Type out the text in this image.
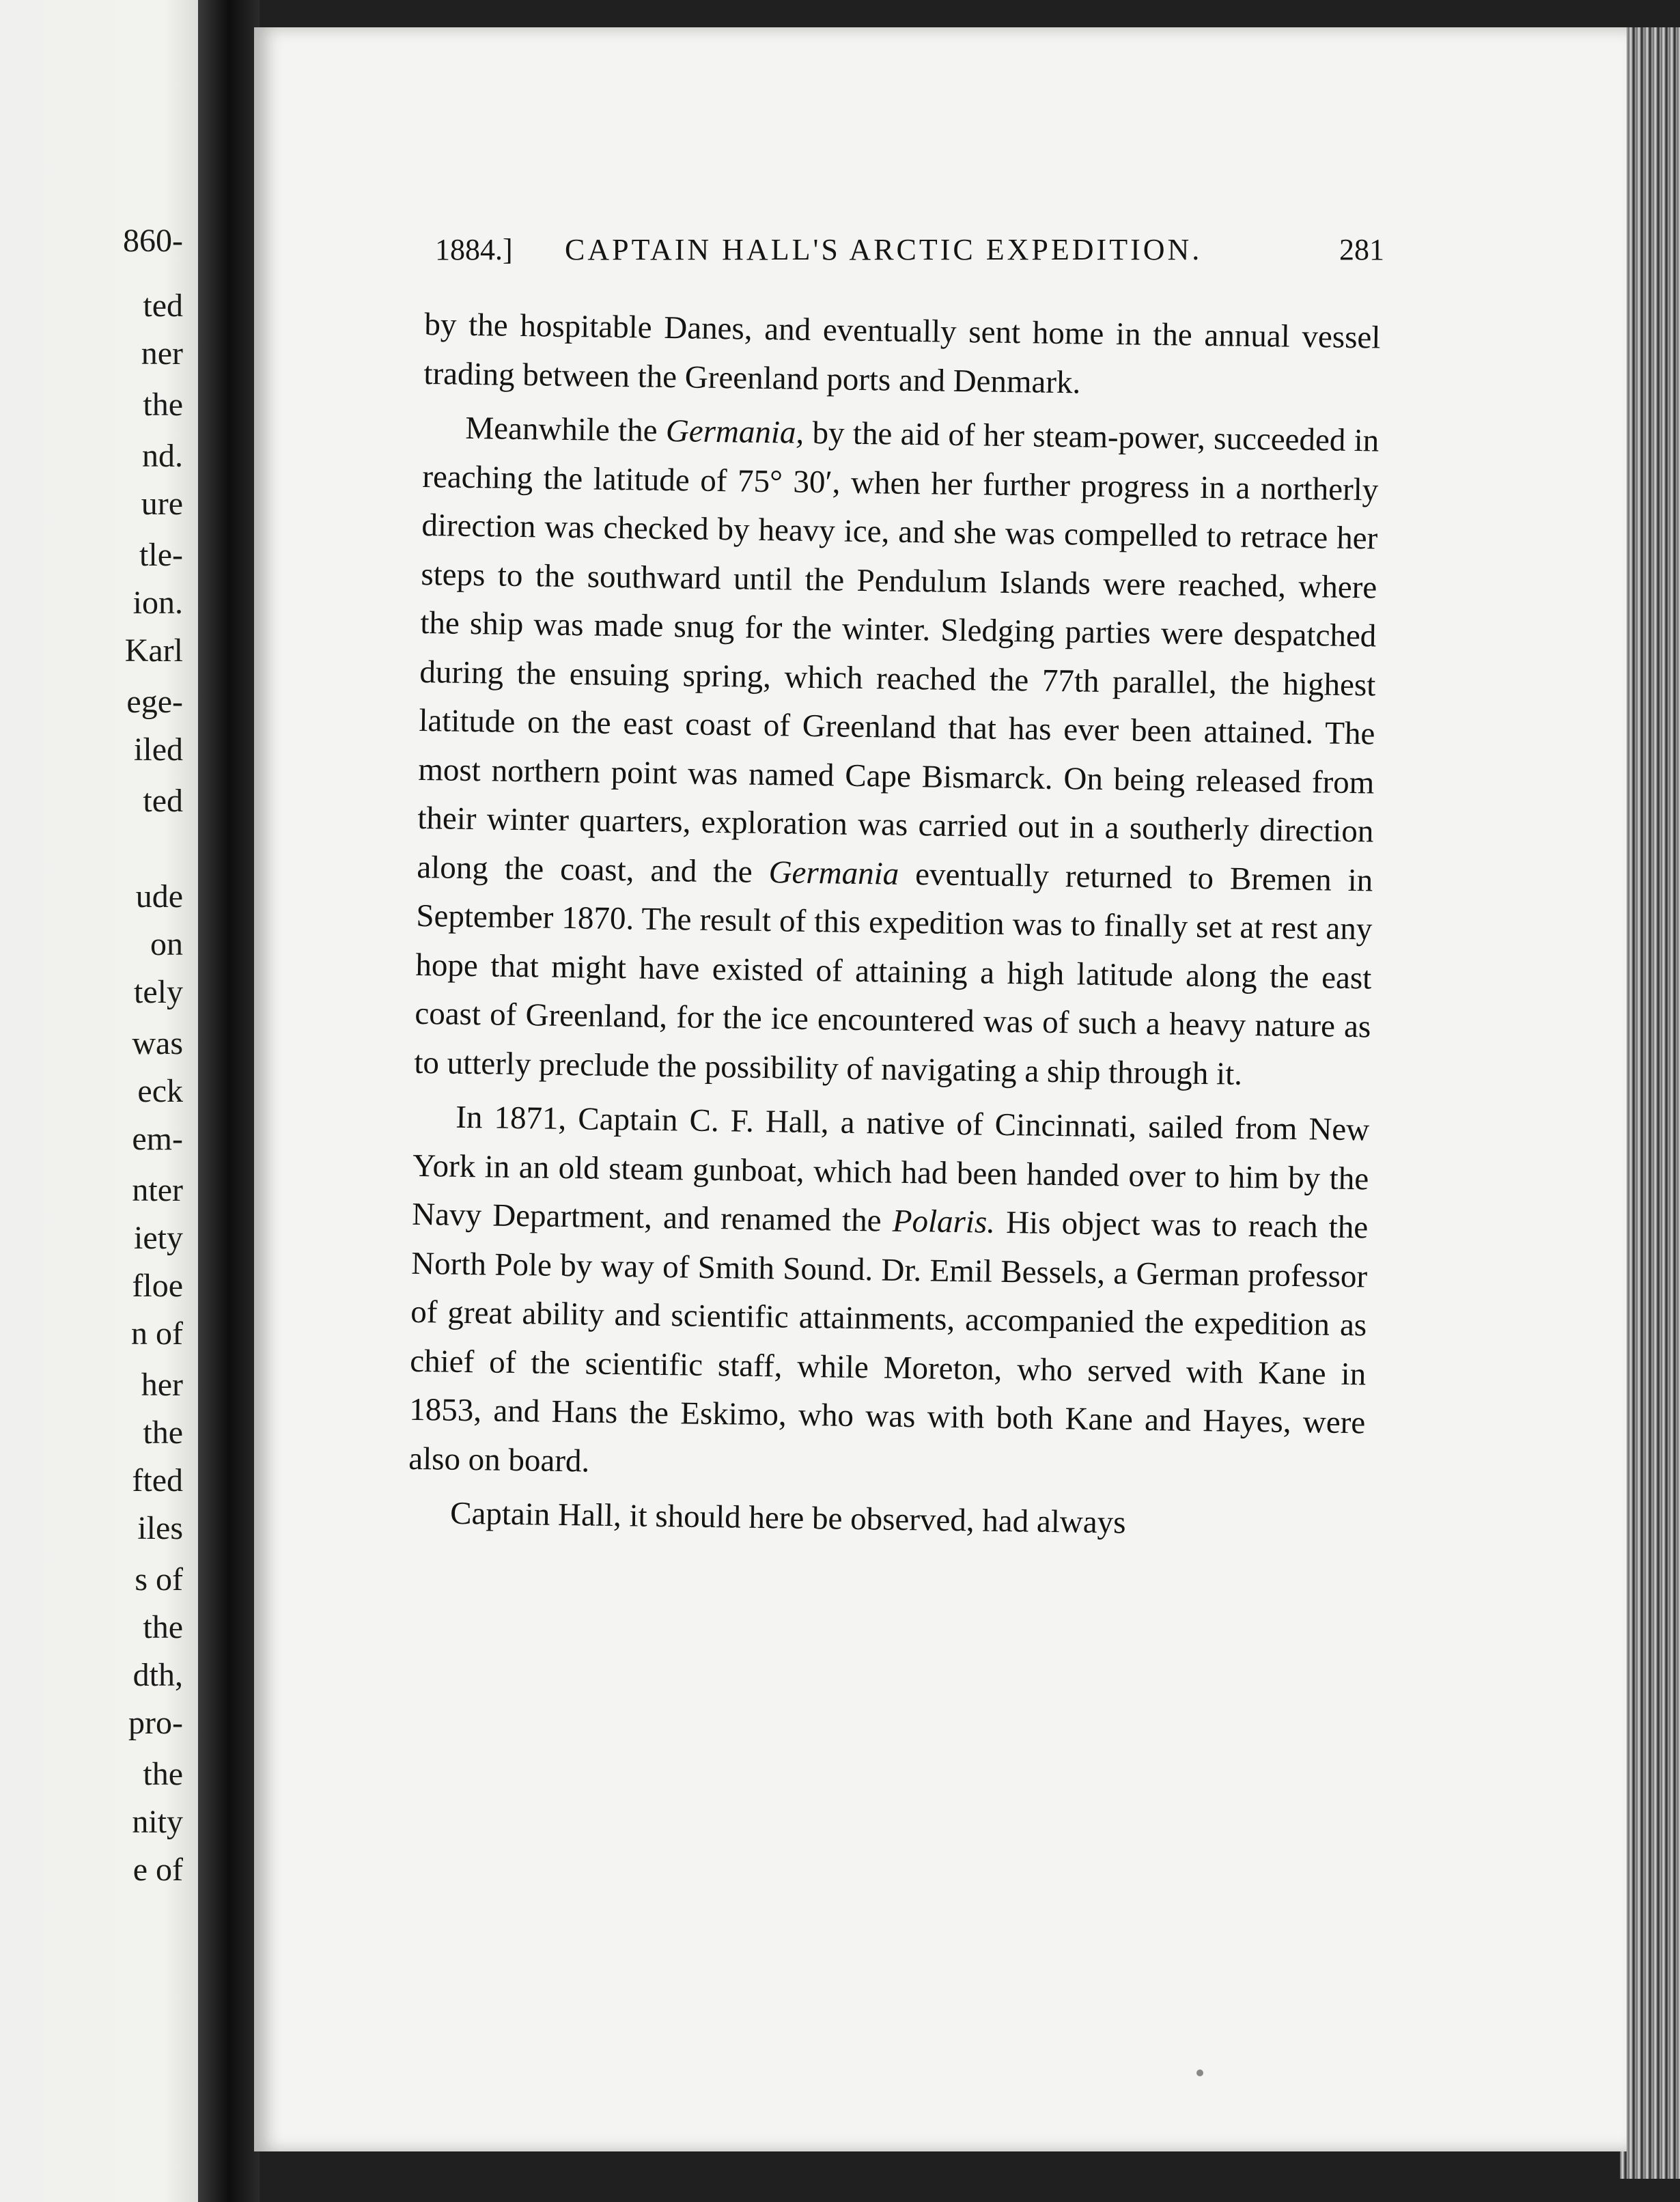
860-

ted

ner

the

nd.

ure

tle-

ion.

Karl

ege-

iled

ted

ude

on

tely

was

eck

em-

nter

iety

floe

n of

her

the

fted

iles

s of

the

dth,

pro-

the

nity

e of

1884.] CAPTAIN HALL'S ARCTIC EXPEDITION.	281

by the hospitable Danes, and eventually sent home in the annual vessel trading between the Greenland ports and Denmark.

Meanwhile the Germania, by the aid of her steam-power, succeeded in reaching the latitude of 75° 30′, when her further progress in a northerly direction was checked by heavy ice, and she was compelled to retrace her steps to the southward until the Pendulum Islands were reached, where the ship was made snug for the winter. Sledging parties were despatched during the ensuing spring, which reached the 77th parallel, the highest latitude on the east coast of Greenland that has ever been attained. The most northern point was named Cape Bismarck. On being released from their winter quarters, exploration was carried out in a southerly direction along the coast, and the Germania eventually returned to Bremen in September 1870. The result of this expedition was to finally set at rest any hope that might have existed of attaining a high latitude along the east coast of Greenland, for the ice encountered was of such a heavy nature as to utterly preclude the possibility of navigating a ship through it.

In 1871, Captain C. F. Hall, a native of Cincinnati, sailed from New York in an old steam gunboat, which had been handed over to him by the Navy Department, and renamed the Polaris. His object was to reach the North Pole by way of Smith Sound. Dr. Emil Bessels, a German professor of great ability and scientific attainments, accompanied the expedition as chief of the scientific staff, while Moreton, who served with Kane in 1853, and Hans the Eskimo, who was with both Kane and Hayes, were also on board.

Captain Hall, it should here be observed, had always
